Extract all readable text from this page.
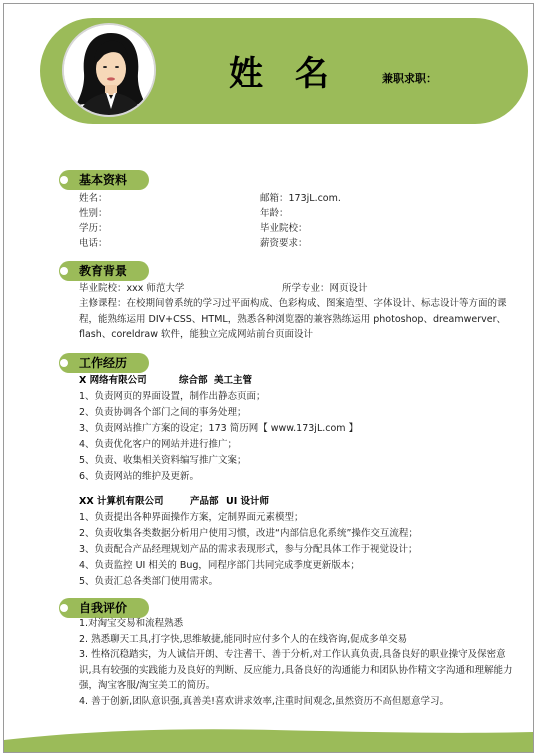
姓 名	兼职求职：
基本资料
姓名：	邮箱：173jL.com.
性别：	年龄：
学历：	毕业院校：
电话：	薪资要求：
教育背景
毕业院校：xxx 师范大学	所学专业：网页设计
主修课程：在校期间曾系统的学习过平面构成、色彩构成、图案造型、字体设计、标志设计等方面的课程，能熟练运用 DIV+CSS、HTML，熟悉各种浏览器的兼容熟练运用 photoshop、dreamwerver、flash、coreldraw 软件，能独立完成网站前台页面设计
工作经历
X 网络有限公司	综合部 美工主管
1、负责网页的界面设置，制作出静态页面；
2、负责协调各个部门之间的事务处理；
3、负责网站推广方案的设定；173 简历网【 www.173jL.com 】
4、负责优化客户的网站并进行推广；
5、负责、收集相关资料编写推广文案；
6、负责网站的维护及更新。
XX 计算机有限公司	产品部 UI 设计师
1、负责提出各种界面操作方案，定制界面元素模型；
2、负责收集各类数据分析用户使用习惯，改进“内部信息化系统”操作交互流程；
3、负责配合产品经理规划产品的需求表现形式，参与分配具体工作于视觉设计；
4、负责监控 UI 相关的 Bug，同程序部门共同完成季度更新版本；
5、负责汇总各类部门使用需求。
自我评价
1.对淘宝交易和流程熟悉
2. 熟悉聊天工具,打字快,思维敏捷,能同时应付多个人的在线咨询,促成多单交易
3. 性格沉稳踏实，为人诚信开朗、专注耆干、善于分析,对工作认真负责,具备良好的职业操守及保密意识,具有较强的实践能力及良好的判断、反应能力,具备良好的沟通能力和团队协作精文字沟通和理解能力强，淘宝客服/淘宝美工的简历。
4. 善于创新,团队意识强,真善美!喜欢讲求效率,注重时间观念,虽然资历不高但愿意学习。
